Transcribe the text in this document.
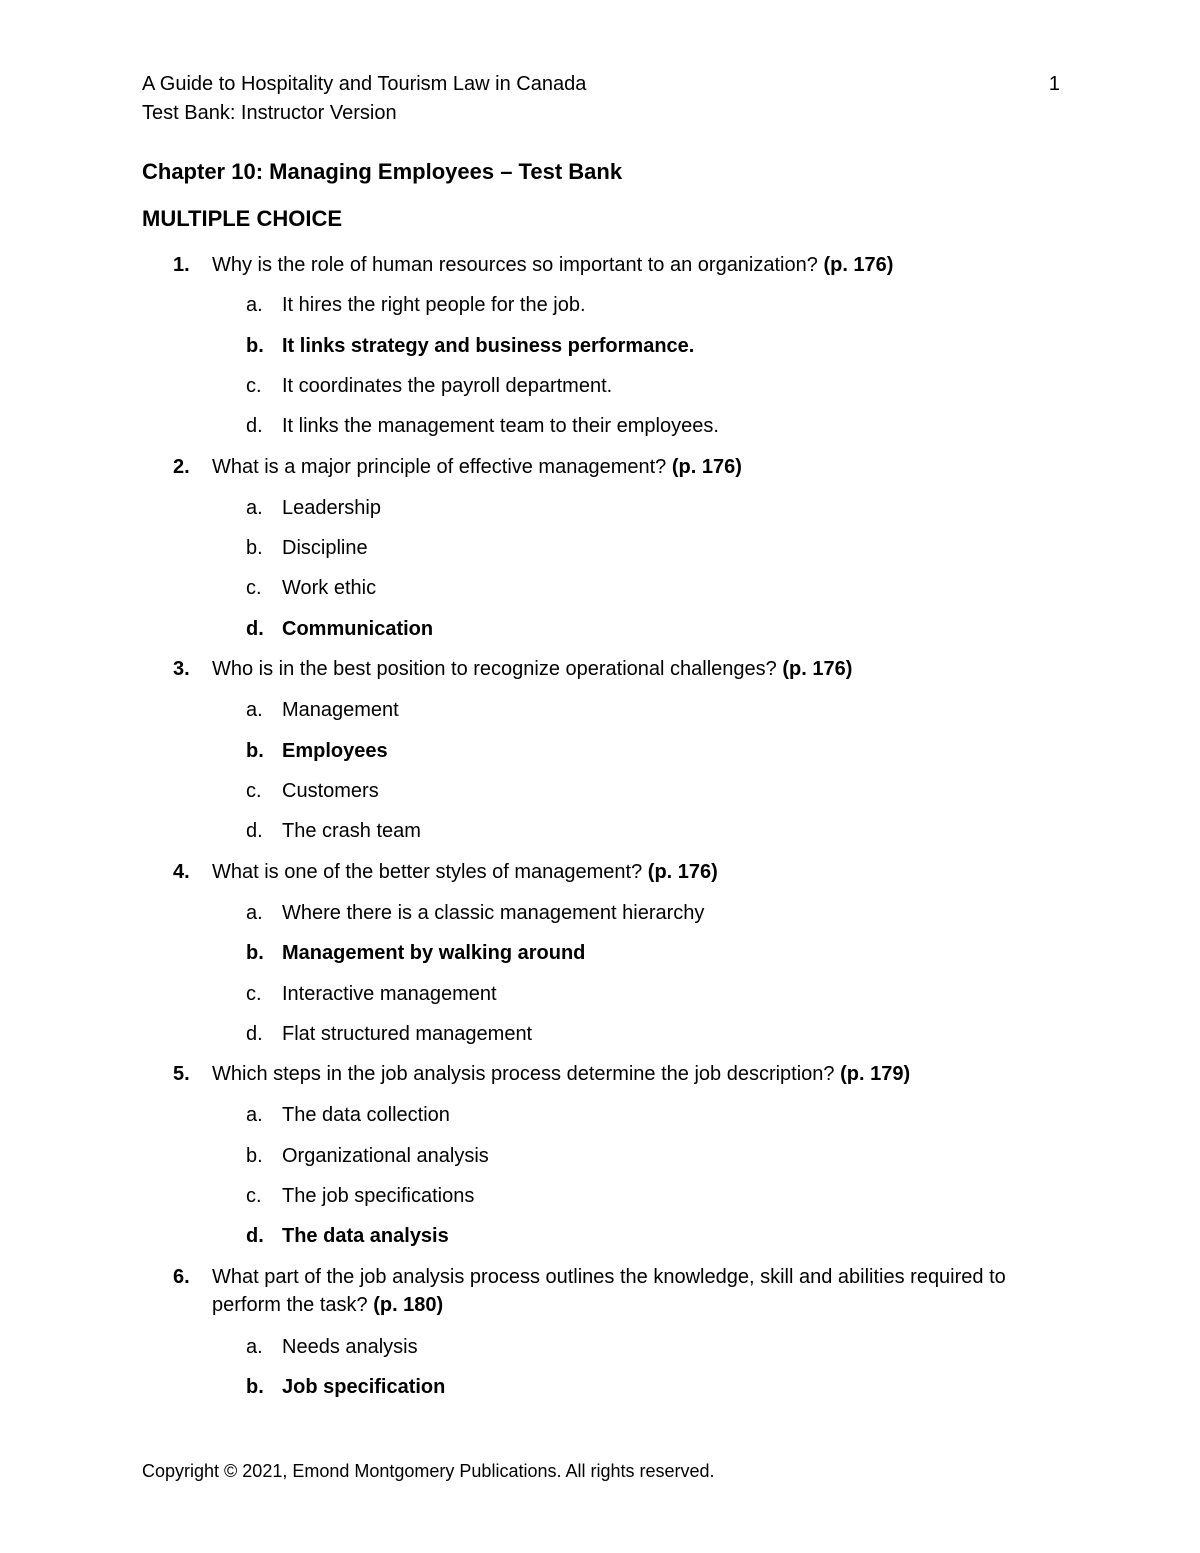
A Guide to Hospitality and Tourism Law in Canada
Test Bank: Instructor Version
1
Chapter 10: Managing Employees – Test Bank
MULTIPLE CHOICE
1.	Why is the role of human resources so important to an organization? (p. 176)
a. It hires the right people for the job.
b. It links strategy and business performance.
c.	It coordinates the payroll department.
d. It links the management team to their employees.
2.	What is a major principle of effective management? (p. 176)
a. Leadership
b. Discipline
c.	Work ethic
d. Communication
3.	Who is in the best position to recognize operational challenges? (p. 176)
a. Management
b. Employees
c.	Customers
d. The crash team
4.	What is one of the better styles of management? (p. 176)
a. Where there is a classic management hierarchy
b. Management by walking around
c.	Interactive management
d. Flat structured management
5.	Which steps in the job analysis process determine the job description? (p. 179)
a. The data collection
b. Organizational analysis
c.	The job specifications
d. The data analysis
6.	What part of the job analysis process outlines the knowledge, skill and abilities required to perform the task? (p. 180)
a. Needs analysis
b. Job specification
Copyright © 2021, Emond Montgomery Publications. All rights reserved.
